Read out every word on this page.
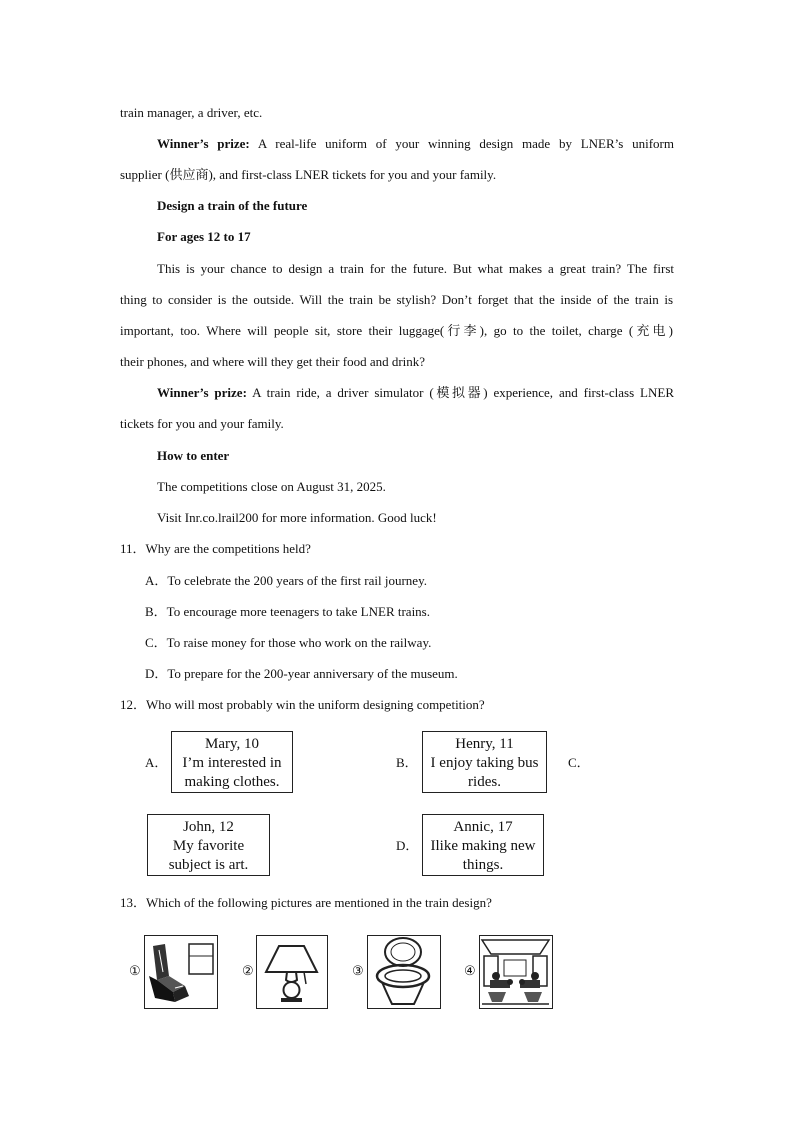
train manager, a driver, etc.

Winner’s prize: A real-life uniform of your winning design made by LNER’s uniform

supplier (供应商), and first-class LNER tickets for you and your family.

Design a train of the future

For ages 12 to 17

This is your chance to design a train for the future. But what makes a great train? The first

thing to consider is the outside. Will the train be stylish? Don’t forget that the inside of the train is

important, too. Where will people sit, store their luggage(行李), go to the toilet, charge (充电)

their phones, and where will they get their food and drink?

Winner’s prize: A train ride, a driver simulator (模拟器) experience, and first-class LNER

tickets for you and your family.

How to enter

The competitions close on August 31, 2025.

Visit Inr.co.lrail200 for more information. Good luck!

11．Why are the competitions held?

A．To celebrate the 200 years of the first rail journey.

B．To encourage more teenagers to take LNER trains.

C．To raise money for those who work on the railway.

D．To prepare for the 200-year anniversary of the museum.

12．Who will most probably win the uniform designing competition?

A．
Mary, 10
I’m interested in
making clothes.
B．
Henry, 11
I enjoy taking bus
rides.
C．
John, 12
My favorite
subject is art.
D．
Annic, 17
Ilike making new
things.

13．Which of the following pictures are mentioned in the train design?

①	②	③	④
